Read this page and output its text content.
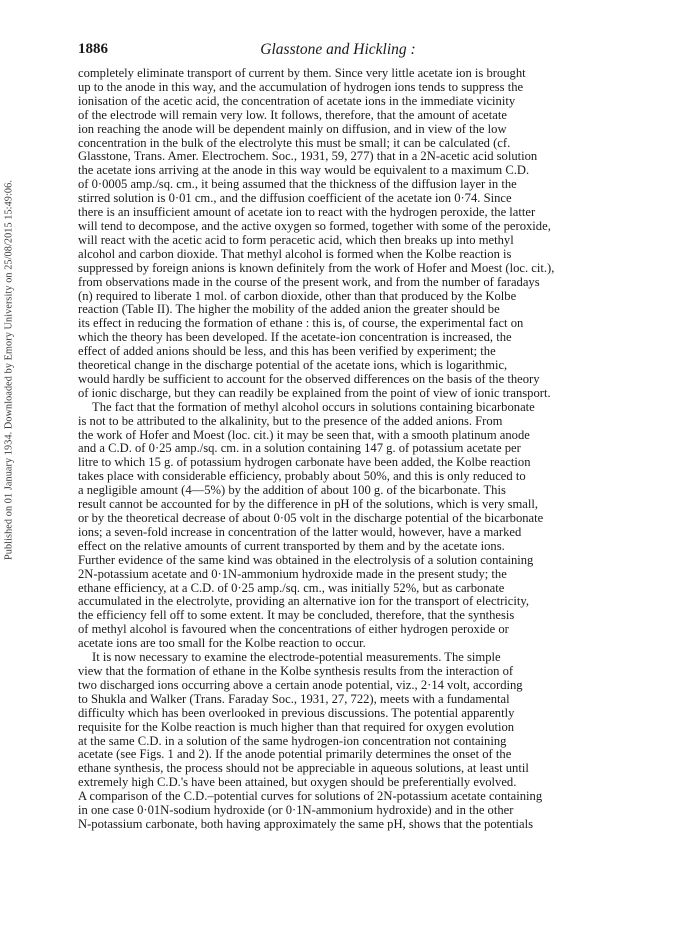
Published on 01 January 1934. Downloaded by Emory University on 25/08/2015 15:49:06.
1886	Glasstone and Hickling :
completely eliminate transport of current by them. Since very little acetate ion is brought
up to the anode in this way, and the accumulation of hydrogen ions tends to suppress the
ionisation of the acetic acid, the concentration of acetate ions in the immediate vicinity
of the electrode will remain very low. It follows, therefore, that the amount of acetate
ion reaching the anode will be dependent mainly on diffusion, and in view of the low
concentration in the bulk of the electrolyte this must be small; it can be calculated (cf.
Glasstone, Trans. Amer. Electrochem. Soc., 1931, 59, 277) that in a 2N-acetic acid solution
the acetate ions arriving at the anode in this way would be equivalent to a maximum C.D.
of 0·0005 amp./sq. cm., it being assumed that the thickness of the diffusion layer in the
stirred solution is 0·01 cm., and the diffusion coefficient of the acetate ion 0·74. Since
there is an insufficient amount of acetate ion to react with the hydrogen peroxide, the latter
will tend to decompose, and the active oxygen so formed, together with some of the peroxide,
will react with the acetic acid to form peracetic acid, which then breaks up into methyl
alcohol and carbon dioxide. That methyl alcohol is formed when the Kolbe reaction is
suppressed by foreign anions is known definitely from the work of Hofer and Moest (loc. cit.),
from observations made in the course of the present work, and from the number of faradays
(n) required to liberate 1 mol. of carbon dioxide, other than that produced by the Kolbe
reaction (Table II). The higher the mobility of the added anion the greater should be
its effect in reducing the formation of ethane : this is, of course, the experimental fact on
which the theory has been developed. If the acetate-ion concentration is increased, the
effect of added anions should be less, and this has been verified by experiment; the
theoretical change in the discharge potential of the acetate ions, which is logarithmic,
would hardly be sufficient to account for the observed differences on the basis of the theory
of ionic discharge, but they can readily be explained from the point of view of ionic transport.
The fact that the formation of methyl alcohol occurs in solutions containing bicarbonate
is not to be attributed to the alkalinity, but to the presence of the added anions. From
the work of Hofer and Moest (loc. cit.) it may be seen that, with a smooth platinum anode
and a C.D. of 0·25 amp./sq. cm. in a solution containing 147 g. of potassium acetate per
litre to which 15 g. of potassium hydrogen carbonate have been added, the Kolbe reaction
takes place with considerable efficiency, probably about 50%, and this is only reduced to
a negligible amount (4—5%) by the addition of about 100 g. of the bicarbonate. This
result cannot be accounted for by the difference in pH of the solutions, which is very small,
or by the theoretical decrease of about 0·05 volt in the discharge potential of the bicarbonate
ions; a seven-fold increase in concentration of the latter would, however, have a marked
effect on the relative amounts of current transported by them and by the acetate ions.
Further evidence of the same kind was obtained in the electrolysis of a solution containing
2N-potassium acetate and 0·1N-ammonium hydroxide made in the present study; the
ethane efficiency, at a C.D. of 0·25 amp./sq. cm., was initially 52%, but as carbonate
accumulated in the electrolyte, providing an alternative ion for the transport of electricity,
the efficiency fell off to some extent. It may be concluded, therefore, that the synthesis
of methyl alcohol is favoured when the concentrations of either hydrogen peroxide or
acetate ions are too small for the Kolbe reaction to occur.
It is now necessary to examine the electrode-potential measurements. The simple
view that the formation of ethane in the Kolbe synthesis results from the interaction of
two discharged ions occurring above a certain anode potential, viz., 2·14 volt, according
to Shukla and Walker (Trans. Faraday Soc., 1931, 27, 722), meets with a fundamental
difficulty which has been overlooked in previous discussions. The potential apparently
requisite for the Kolbe reaction is much higher than that required for oxygen evolution
at the same C.D. in a solution of the same hydrogen-ion concentration not containing
acetate (see Figs. 1 and 2). If the anode potential primarily determines the onset of the
ethane synthesis, the process should not be appreciable in aqueous solutions, at least until
extremely high C.D.'s have been attained, but oxygen should be preferentially evolved.
A comparison of the C.D.–potential curves for solutions of 2N-potassium acetate containing
in one case 0·01N-sodium hydroxide (or 0·1N-ammonium hydroxide) and in the other
N-potassium carbonate, both having approximately the same pH, shows that the potentials
